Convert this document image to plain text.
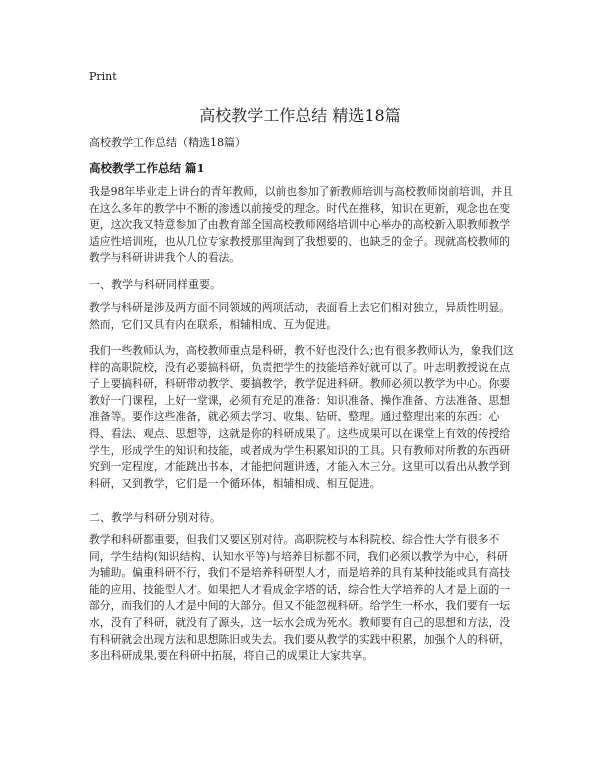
Print
高校教学工作总结 精选18篇
高校教学工作总结（精选18篇）
高校教学工作总结 篇1

我是98年毕业走上讲台的青年教师，以前也参加了新教师培训与高校教师岗前培训，并且在这么多年的教学中不断的渗透以前接受的理念。时代在推移，知识在更新，观念也在变更，这次我又特意参加了由教育部全国高校教师网络培训中心举办的高校新入职教师教学适应性培训班，也从几位专家教授那里淘到了我想要的、也缺乏的金子。现就高校教师的教学与科研讲讲我个人的看法。

一、教学与科研同样重要。

教学与科研是涉及两方面不同领域的两项活动，表面看上去它们相对独立，异质性明显。然而，它们又具有内在联系，相辅相成、互为促进。

我们一些教师认为，高校教师重点是科研，教不好也没什么;也有很多教师认为，象我们这样的高职院校，没有必要搞科研，负责把学生的技能培养好就可以了。叶志明教授说在点子上要搞科研，科研带动教学、要搞教学，教学促进科研。教师必须以教学为中心。你要教好一门课程，上好一堂课，必须有充足的准备：知识准备、操作准备、方法准备、思想准备等。要作这些准备，就必须去学习、收集、钻研、整理。通过整理出来的东西：心得、看法、观点、思想等，这就是你的科研成果了。这些成果可以在课堂上有效的传授给学生，形成学生的知识和技能，或者成为学生积累知识的工具。只有教师对所教的东西研究到一定程度，才能跳出书本，才能把问题讲透，才能入木三分。这里可以看出从教学到科研，又到教学，它们是一个循环体，相辅相成、相互促进。

二、教学与科研分别对待。

教学和科研都重要，但我们又要区别对待。高职院校与本科院校、综合性大学有很多不同，学生结构(知识结构、认知水平等)与培养目标都不同，我们必须以教学为中心，科研为辅助。偏重科研不行，我们不是培养科研型人才，而是培养的具有某种技能或具有高技能的应用、技能型人才。如果把人才看成金字塔的话，综合性大学培养的人才是上面的一部分，而我们的人才是中间的大部分。但又不能忽视科研。给学生一杯水，我们要有一坛水，没有了科研，就没有了源头，这一坛水会成为死水。教师要有自己的思想和方法，没有科研就会出现方法和思想陈旧或失去。我们要从教学的实践中积累，加强个人的科研，多出科研成果,要在科研中拓展，将自己的成果让大家共享。
